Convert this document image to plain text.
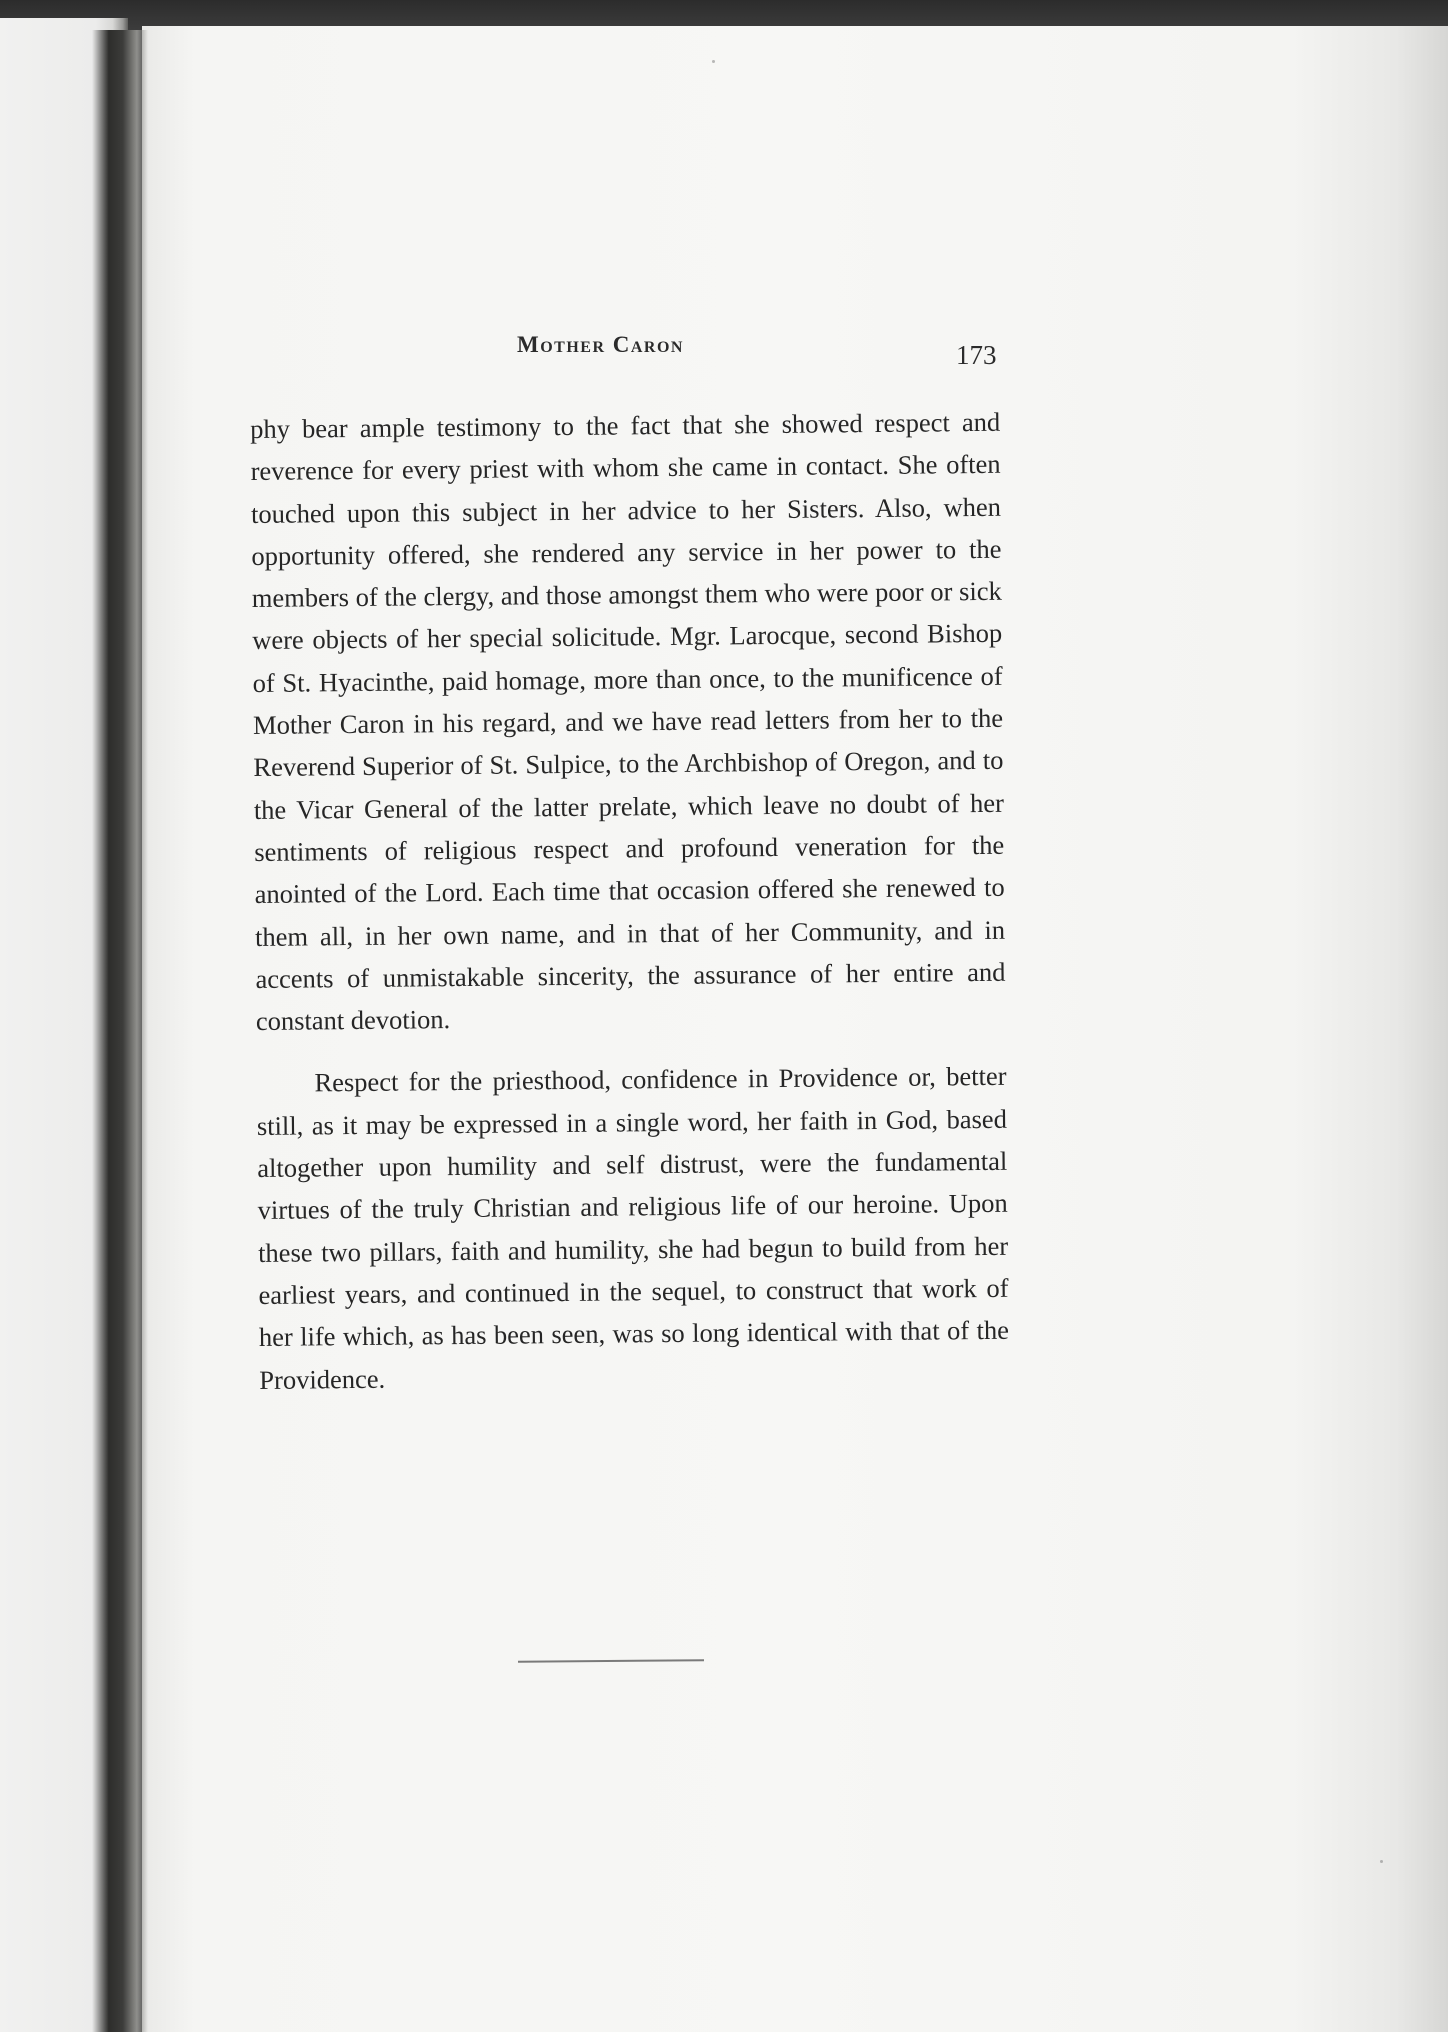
Mother Caron	173

phy bear ample testimony to the fact that she showed respect and reverence for every priest with whom she came in contact. She often touched upon this subject in her advice to her Sisters. Also, when opportunity offered, she rendered any service in her power to the members of the clergy, and those amongst them who were poor or sick were objects of her special solicitude. Mgr. Larocque, second Bishop of St. Hyacinthe, paid homage, more than once, to the munificence of Mother Caron in his regard, and we have read letters from her to the Reverend Superior of St. Sulpice, to the Archbishop of Oregon, and to the Vicar General of the latter prelate, which leave no doubt of her sentiments of religious respect and profound veneration for the anointed of the Lord. Each time that occasion offered she renewed to them all, in her own name, and in that of her Community, and in accents of unmistakable sincerity, the assurance of her entire and constant devotion.

Respect for the priesthood, confidence in Providence or, better still, as it may be expressed in a single word, her faith in God, based altogether upon humility and self distrust, were the fundamental virtues of the truly Christian and religious life of our heroine. Upon these two pillars, faith and humility, she had begun to build from her earliest years, and continued in the sequel, to construct that work of her life which, as has been seen, was so long identical with that of the Providence.
